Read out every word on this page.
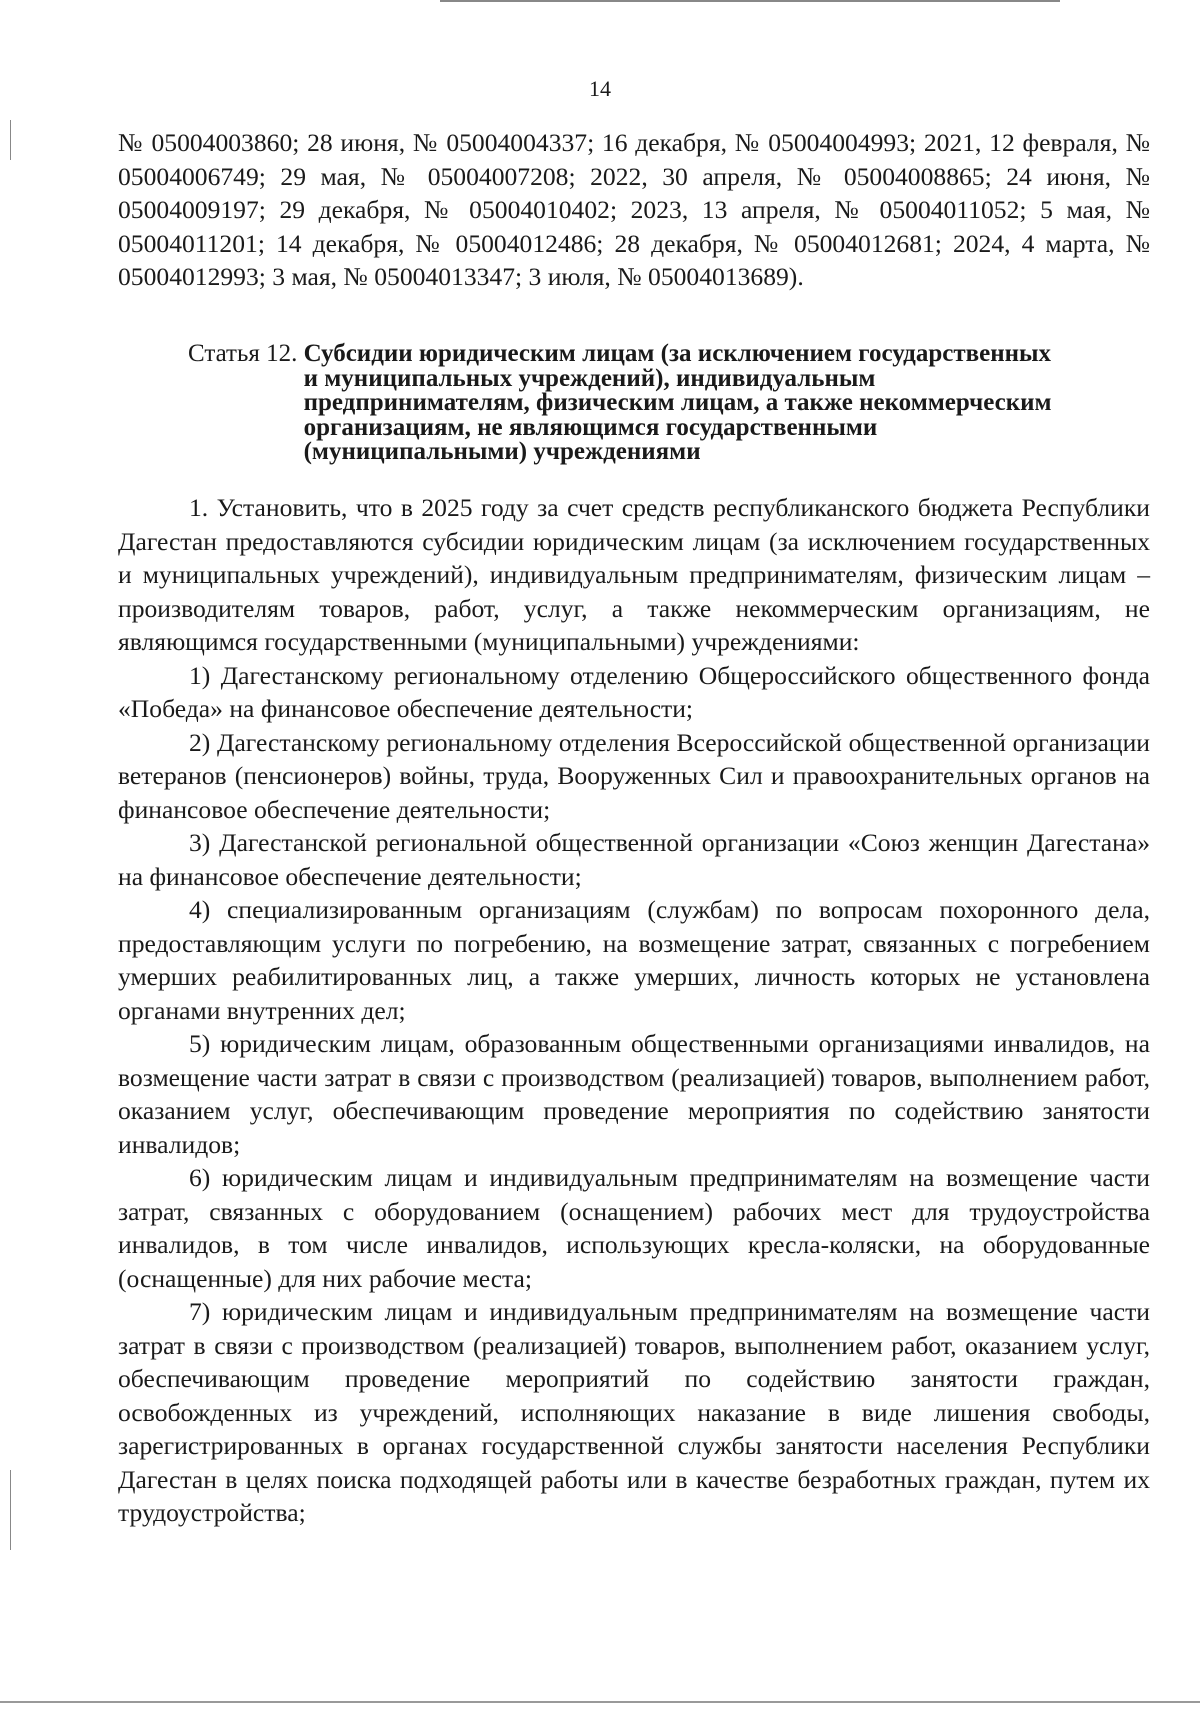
14

№ 05004003860; 28 июня, № 05004004337; 16 декабря, № 05004004993; 2021, 12 февраля, № 05004006749; 29 мая, № 05004007208; 2022, 30 апреля, № 05004008865; 24 июня, № 05004009197; 29 декабря, № 05004010402; 2023, 13 апреля, № 05004011052; 5 мая, № 05004011201; 14 декабря, № 05004012486; 28 декабря, № 05004012681; 2024, 4 марта, № 05004012993; 3 мая, № 05004013347; 3 июля, № 05004013689).

Статья 12. Субсидии юридическим лицам (за исключением государственных и муниципальных учреждений), индивидуальным предпринимателям, физическим лицам, а также некоммерческим организациям, не являющимся государственными (муниципальными) учреждениями

1. Установить, что в 2025 году за счет средств республиканского бюджета Республики Дагестан предоставляются субсидии юридическим лицам (за исключением государственных и муниципальных учреждений), индивидуальным предпринимателям, физическим лицам – производителям товаров, работ, услуг, а также некоммерческим организациям, не являющимся государственными (муниципальными) учреждениями:

1) Дагестанскому региональному отделению Общероссийского общественного фонда «Победа» на финансовое обеспечение деятельности;

2) Дагестанскому региональному отделения Всероссийской общественной организации ветеранов (пенсионеров) войны, труда, Вооруженных Сил и правоохранительных органов на финансовое обеспечение деятельности;

3) Дагестанской региональной общественной организации «Союз женщин Дагестана» на финансовое обеспечение деятельности;

4) специализированным организациям (службам) по вопросам похоронного дела, предоставляющим услуги по погребению, на возмещение затрат, связанных с погребением умерших реабилитированных лиц, а также умерших, личность которых не установлена органами внутренних дел;

5) юридическим лицам, образованным общественными организациями инвалидов, на возмещение части затрат в связи с производством (реализацией) товаров, выполнением работ, оказанием услуг, обеспечивающим проведение мероприятия по содействию занятости инвалидов;

6) юридическим лицам и индивидуальным предпринимателям на возмещение части затрат, связанных с оборудованием (оснащением) рабочих мест для трудоустройства инвалидов, в том числе инвалидов, использующих кресла-коляски, на оборудованные (оснащенные) для них рабочие места;

7) юридическим лицам и индивидуальным предпринимателям на возмещение части затрат в связи с производством (реализацией) товаров, выполнением работ, оказанием услуг, обеспечивающим проведение мероприятий по содействию занятости граждан, освобожденных из учреждений, исполняющих наказание в виде лишения свободы, зарегистрированных в органах государственной службы занятости населения Республики Дагестан в целях поиска подходящей работы или в качестве безработных граждан, путем их трудоустройства;
